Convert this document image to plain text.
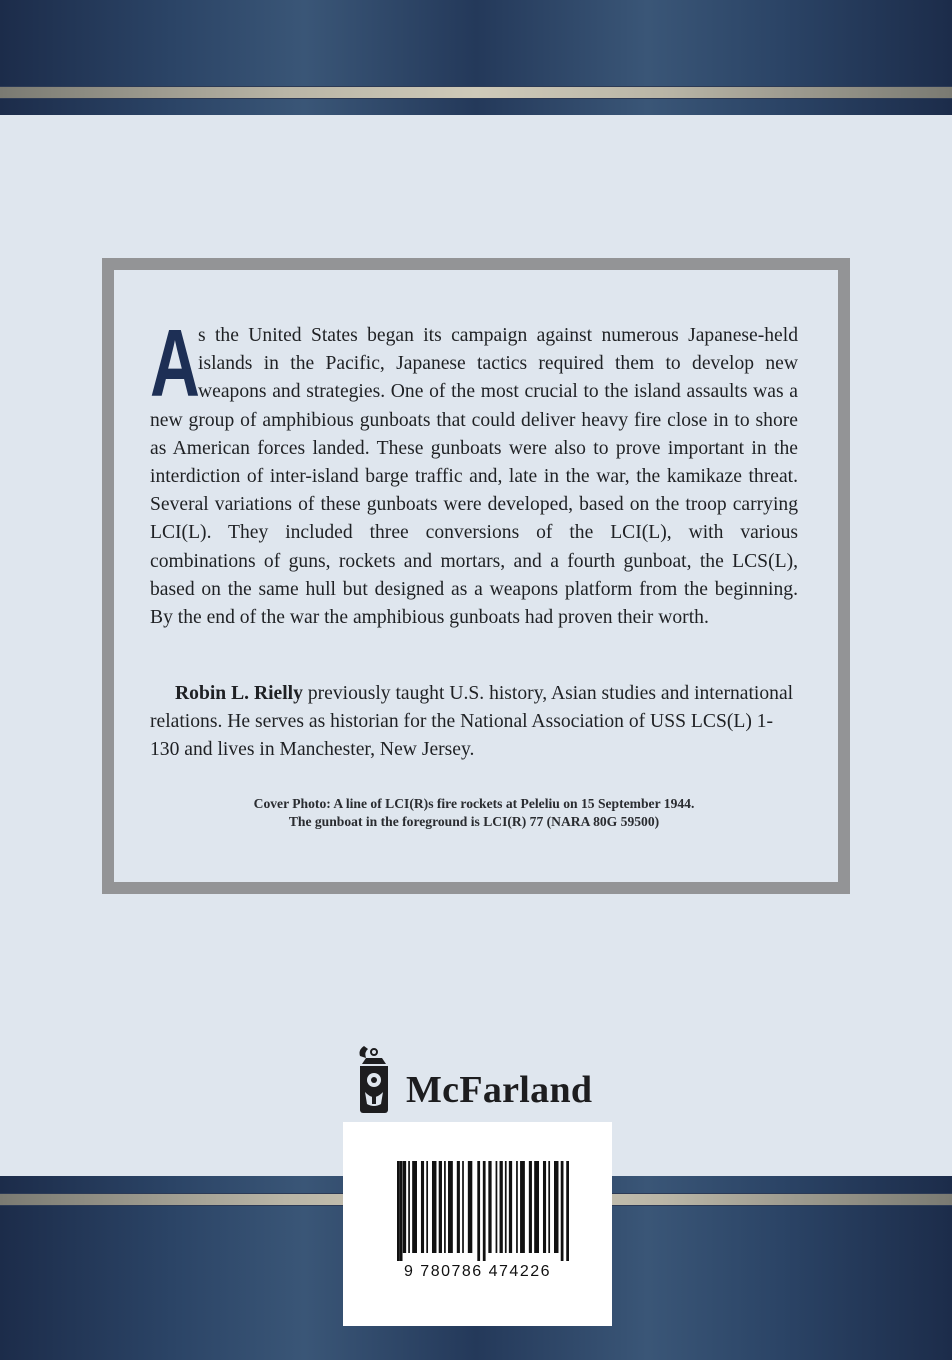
A
s the United States began its campaign against numerous Japanese-held islands in the Pacific, Japanese tactics required them to develop new weapons and strategies. One of the most crucial to the island assaults was a new group of amphibious gunboats that could deliver heavy fire close in to shore as American forces landed. These gunboats were also to prove important in the interdiction of inter-island barge traffic and, late in the war, the kamikaze threat. Several variations of these gunboats were developed, based on the troop carrying LCI(L). They included three conversions of the LCI(L), with various combinations of guns, rockets and mortars, and a fourth gunboat, the LCS(L), based on the same hull but designed as a weapons platform from the beginning. By the end of the war the amphibious gunboats had proven their worth.

Robin L. Rielly previously taught U.S. history, Asian studies and international relations. He serves as historian for the National Association of USS LCS(L) 1-130 and lives in Manchester, New Jersey.

Cover Photo: A line of LCI(R)s fire rockets at Peleliu on 15 September 1944.
The gunboat in the foreground is LCI(R) 77 (NARA 80G 59500)
McFarland
9 780786 474226
